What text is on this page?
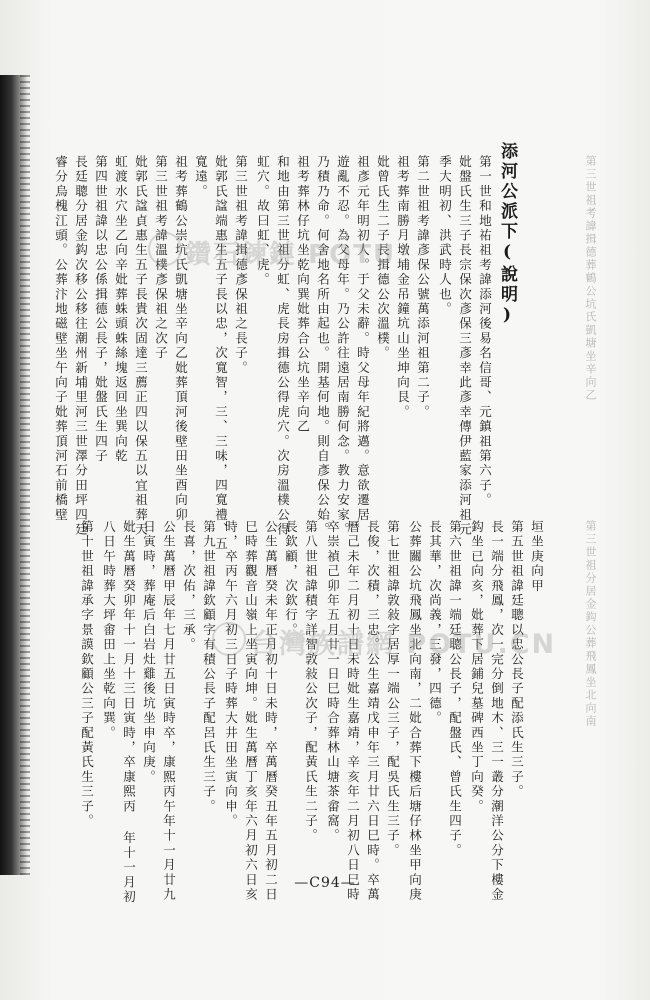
第三世祖考諱揖德葬鶴公坑氏凱塘坐辛向乙
第三世祖分居金鈎公葬飛鳳坐北向南
添河公派下(說明)
第一世和地祐祖考諱添河後易名信哥、元鎮祖第六子。
妣盤氏生三子長宗保次彥保三彥幸此彥幸傳伊藍家添河祖元
季大明初、洪武時人也。
第二世祖考諱彥保公號萬添河祖第二子。
祖考葬南勝月墩埔金吊鐘坑山坐坤向艮。
妣曾氏生二子長揖德公次溫樸。
祖彥元年明初人。于父未辭。時父母年紀將邁。意欲遷居
遊亂不忍。為父母年。乃公許往遠居南勝何念。教力安家。
乃積乃命。何舍地名所由起也。開基何地。則自彥保公始。
祖考葬林仔坑坐乾向巽妣葬合公坑坐辛向乙
和地由第三世祖分虹、虎長房揖德公得虎穴。次房溫樸公得
虹穴。故曰虹、虎。
第三世祖考諱揖德彥保祖之長子。
妣郭氏諡端惠生五子長以忠，次寬智，三、三味，四寬禮、五
寬遠。
祖考葬鶴公崇坑氏凱塘坐辛向乙妣葬頂河後壁田坐酉向卯
第三世祖考諱溫樸彥保祖之次子
妣郭氏諡貞惠生五子長貴次固達三薦正四以保五以宜祖葬天
虹渡水穴坐乙向辛妣葬蛛頭蛛絲塊返回坐巽向乾
第四世祖諱以忠公係揖德公長子，妣盤氏生四子
長廷聰分居金鈎次移公移往潮州新埔里河三世澤分田坪四廷
睿分烏槐江頭。公葬汴地磁壁坐午向子妣葬頂河石前橋壁
垣坐庚向甲
第五世祖諱廷聰以忠公長子配添氏生三子。
長一端分飛鳳，次一完分倒地木、三一叢分潮洋公分下樓金
鈎坐已向亥，妣葬下居鋪兒墓碑西坐丁向癸。
第六世祖諱一端廷聰公長子，配盤氏、曾氏生四子。
長其華，次尚義，三發，四德。
公葬關公坑飛鳳坐北向南，二妣合葬下樓后塘仔林坐甲向庚
第七世祖諱敦敍字居厚一端公三子，配吳氏生三子。
長俊，次積，三忠。公生嘉靖戊申年三月廿六日巳時。卒萬
曆己未年二月初十日未時妣生嘉靖，辛亥年二月初八日巳時
卒崇禎己卯年五月廿一日巳時合葬林山塘茶畲窩。
第八世祖諱積字詳智敦敍公次子，配黃氏生二子。
長欽顧，次欽行。
公生萬曆癸未年正月初十日未時，卒萬曆癸丑年五月初二日
巳時葬觀音山嶺上坐寅向坤。妣生萬曆丁亥年六月初六日亥
時，卒丙午六月初三日子時葬大井田坐寅向申。
第九世祖諱欽顧字有積公長子配呂氏生三子。
長喜，次佑，三承。
公生萬曆甲辰年七月廿五日寅時卒，康熙丙午年十一月廿九
日寅時，葬庵后白岩灶雞後坑坐申向庚。
妣生萬曆癸卯年十一月十三日寅時，卒康熙丙 年十一月初
八日午時葬大坪畬田上坐乾向巽。
第十世祖諱承字景謨欽顧公三子配黃氏生三子。
鑽石鍊鏈 POTU
台灣族譜網 POTU.CN
—C94—
